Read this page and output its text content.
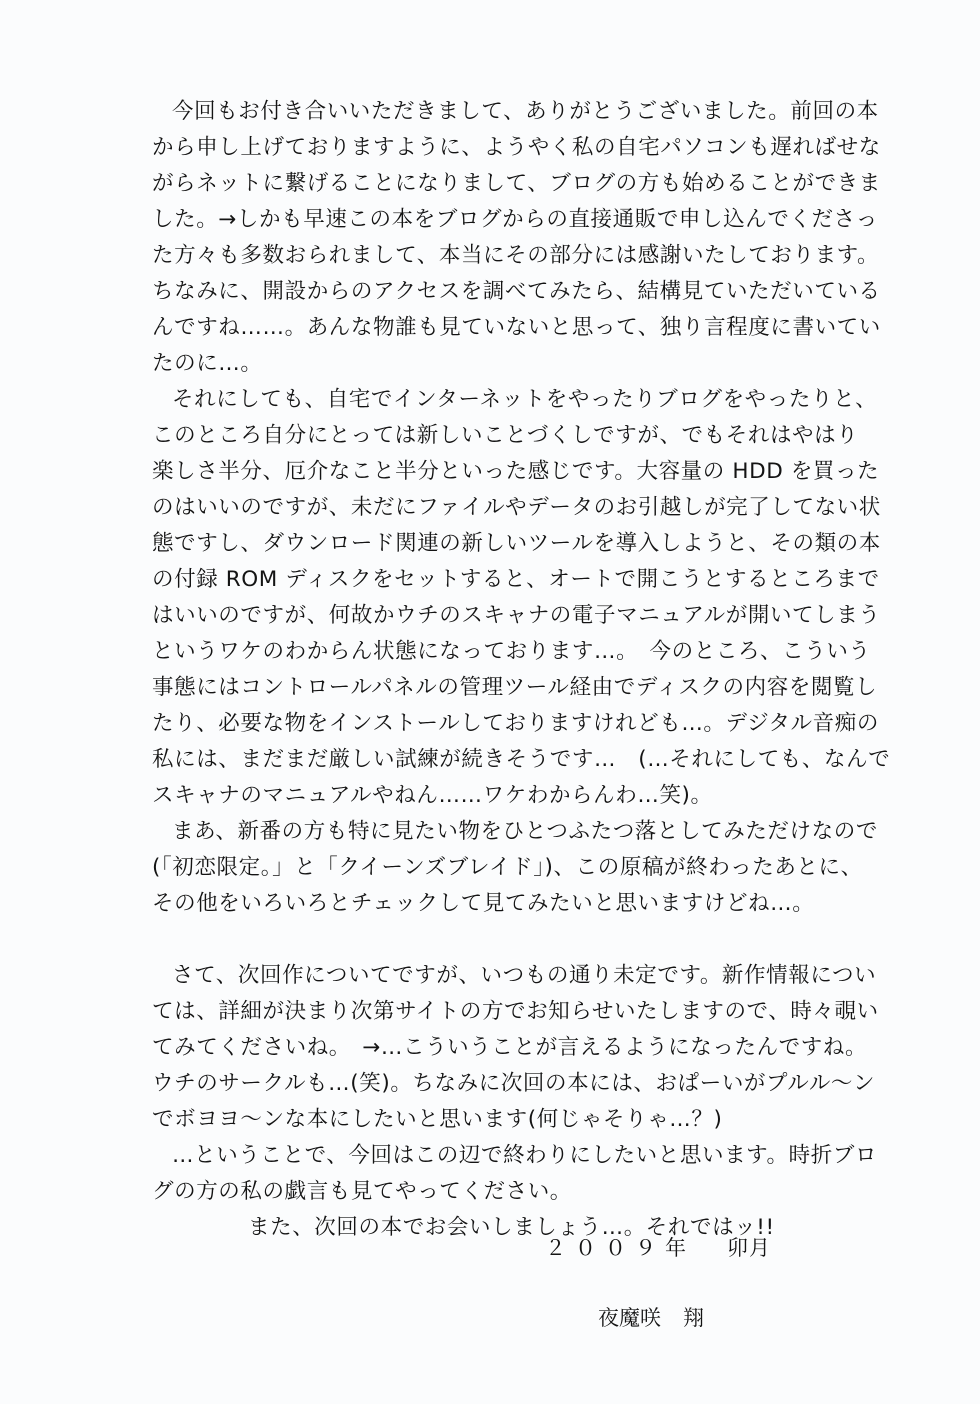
今回もお付き合いいただきまして、ありがとうございました。前回の本
から申し上げておりますように、ようやく私の自宅パソコンも遅ればせな
がらネットに繋げることになりまして、ブログの方も始めることができま
した。→しかも早速この本をブログからの直接通販で申し込んでくださっ
た方々も多数おられまして、本当にその部分には感謝いたしております。
ちなみに、開設からのアクセスを調べてみたら、結構見ていただいている
んですね……。あんな物誰も見ていないと思って、独り言程度に書いてい
たのに…。
それにしても、自宅でインターネットをやったりブログをやったりと、
このところ自分にとっては新しいことづくしですが、でもそれはやはり
楽しさ半分、厄介なこと半分といった感じです。大容量の HDD を買った
のはいいのですが、未だにファイルやデータのお引越しが完了してない状
態ですし、ダウンロード関連の新しいツールを導入しようと、その類の本
の付録 ROM ディスクをセットすると、オートで開こうとするところまで
はいいのですが、何故かウチのスキャナの電子マニュアルが開いてしまう
というワケのわからん状態になっております…。　今のところ、こういう
事態にはコントロールパネルの管理ツール経由でディスクの内容を閲覧し
たり、必要な物をインストールしておりますけれども…。デジタル音痴の
私には、まだまだ厳しい試練が続きそうです…　(…それにしても、なんで
スキャナのマニュアルやねん……ワケわからんわ…笑)。
まあ、新番の方も特に見たい物をひとつふたつ落としてみただけなので
(「初恋限定。」と「クイーンズブレイド」)、この原稿が終わったあとに、
その他をいろいろとチェックして見てみたいと思いますけどね…。
さて、次回作についてですが、いつもの通り未定です。新作情報につい
ては、詳細が決まり次第サイトの方でお知らせいたしますので、時々覗い
てみてくださいね。　→…こういうことが言えるようになったんですね。
ウチのサークルも…(笑)。ちなみに次回の本には、おぱーいがプルル～ン
でボヨヨ～ンな本にしたいと思います(何じゃそりゃ…？)
…ということで、今回はこの辺で終わりにしたいと思います。時折ブロ
グの方の私の戯言も見てやってください。
また、次回の本でお会いしましょう…。それではッ!!
２００９年 卯月
夜魔咲 翔
